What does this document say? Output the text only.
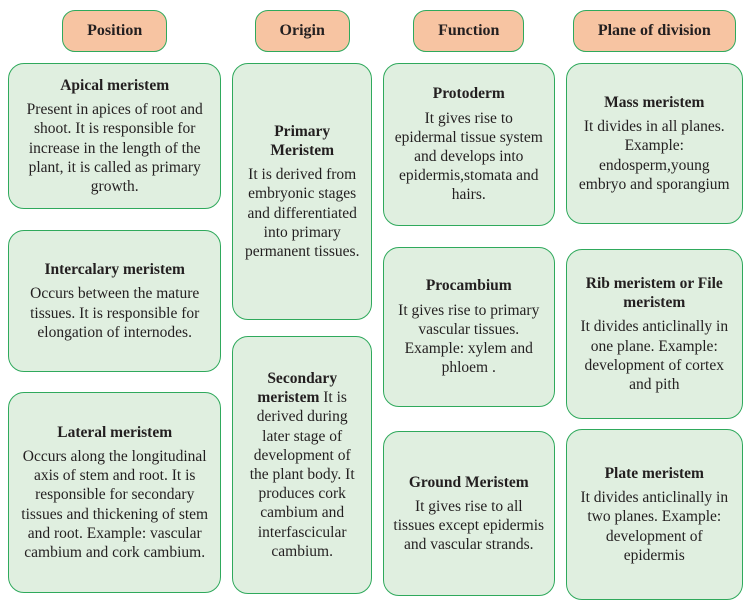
Position

Apical meristem

Present in apices of root and shoot. It is responsible for increase in the length of the plant, it is called as primary growth.

Intercalary meristem

Occurs between the mature tissues. It is responsible for elongation of internodes.

Lateral meristem

Occurs along the longitudinal axis of stem and root. It is responsible for secondary tissues and thickening of stem and root. Example: vascular cambium and cork cambium.

Origin

Primary Meristem

It is derived from embryonic stages and differentiated into primary permanent tissues.

Secondary meristem It is derived during later stage of development of the plant body. It produces cork cambium and interfascicular cambium.

Function

Protoderm

It gives rise to epidermal tissue system and develops into epidermis,stomata and hairs.

Procambium

It gives rise to primary vascular tissues. Example: xylem and phloem .

Ground Meristem

It gives rise to all tissues except epidermis and vascular strands.

Plane of division

Mass meristem

It divides in all planes. Example: endosperm,young embryo and sporangium

Rib meristem or File meristem

It divides anticlinally in one plane. Example: development of cortex and pith

Plate meristem

It divides anticlinally in two planes. Example: development of epidermis
